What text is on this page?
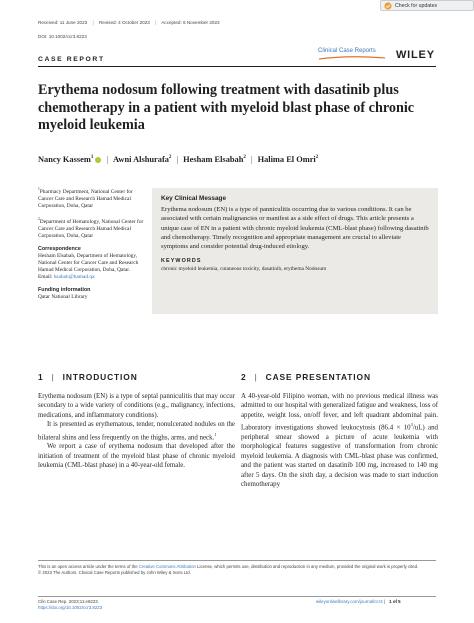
Received: 11 June 2023 | Revised: 4 October 2023 | Accepted: 6 November 2023
DOI: 10.1002/ccr3.8223
Check for updates
CASE REPORT
Clinical Case Reports WILEY
Erythema nodosum following treatment with dasatinib plus chemotherapy in a patient with myeloid blast phase of chronic myeloid leukemia
Nancy Kassem$^1$ | Awni Alshurafa$^2$ | Hesham Elsabah$^2$ | Halima El Omri$^2$
$^1$Pharmacy Department, National Center for Cancer Care and Research Hamad Medical Corporation, Doha, Qatar
$^2$Department of Hematology, National Center for Cancer Care and Research Hamad Medical Corporation, Doha, Qatar
Correspondence
Hesham Elsabah, Department of Hematology, National Center for Cancer Care and Research Hamad Medical Corporation, Doha, Qatar.
Email: hsabah@hamad.qa
Funding information
Qatar National Library
Key Clinical Message
Erythema nodosum (EN) is a type of panniculitis occurring due to various conditions. It can be associated with certain malignancies or manifest as a side effect of drugs. This article presents a unique case of EN in a patient with chronic myeloid leukemia (CML-blast phase) following dasatinib and chemotherapy. Timely recognition and appropriate management are crucial to alleviate symptoms and consider potential drug-induced etiology.
KEYWORDS
chronic myeloid leukemia, cutaneous toxicity, dasatinib, erythema Nodosum
1 | INTRODUCTION	2 | CASE PRESENTATION

Erythema nodosum (EN) is a type of septal panniculitis that may occur secondary to a wide variety of conditions (e.g., malignancy, infections, medications, and inflammatory conditions).

It is presented as erythematous, tender, nonulcerated nodules on the bilateral shins and less frequently on the thighs, arms, and neck.$^1$

We report a case of erythema nodosum that developed after the initiation of treatment of the myeloid blast phase of chronic myeloid leukemia (CML-blast phase) in a 40-year-old female.

A 40-year-old Filipino woman, with no previous medical illness was admitted to our hospital with generalized fatigue and weakness, loss of appetite, weight loss, on/off fever, and left quadrant abdominal pain. Laboratory investigations showed leukocytosis $(86.4 \times 10^3/uL)$ and peripheral smear showed a picture of acute leukemia with morphological features suggestive of transformation from chronic myeloid leukemia. A diagnosis with CML-blast phase was confirmed, and the patient was started on dasatinib 100 mg, increased to 140 mg after 5 days. On the sixth day, a decision was made to start induction chemotherapy

This is an open access article under the terms of the Creative Commons Attribution License, which permits use, distribution and reproduction in any medium, provided the original work is properly cited.
© 2023 The Authors. Clinical Case Reports published by John Wiley & Sons Ltd.
Clin Case Rep. 2023;11:e8223.
https://doi.org/10.1002/ccr3.8223
wileyonlinelibrary.com/journal/ccr3 | 1 of 5
